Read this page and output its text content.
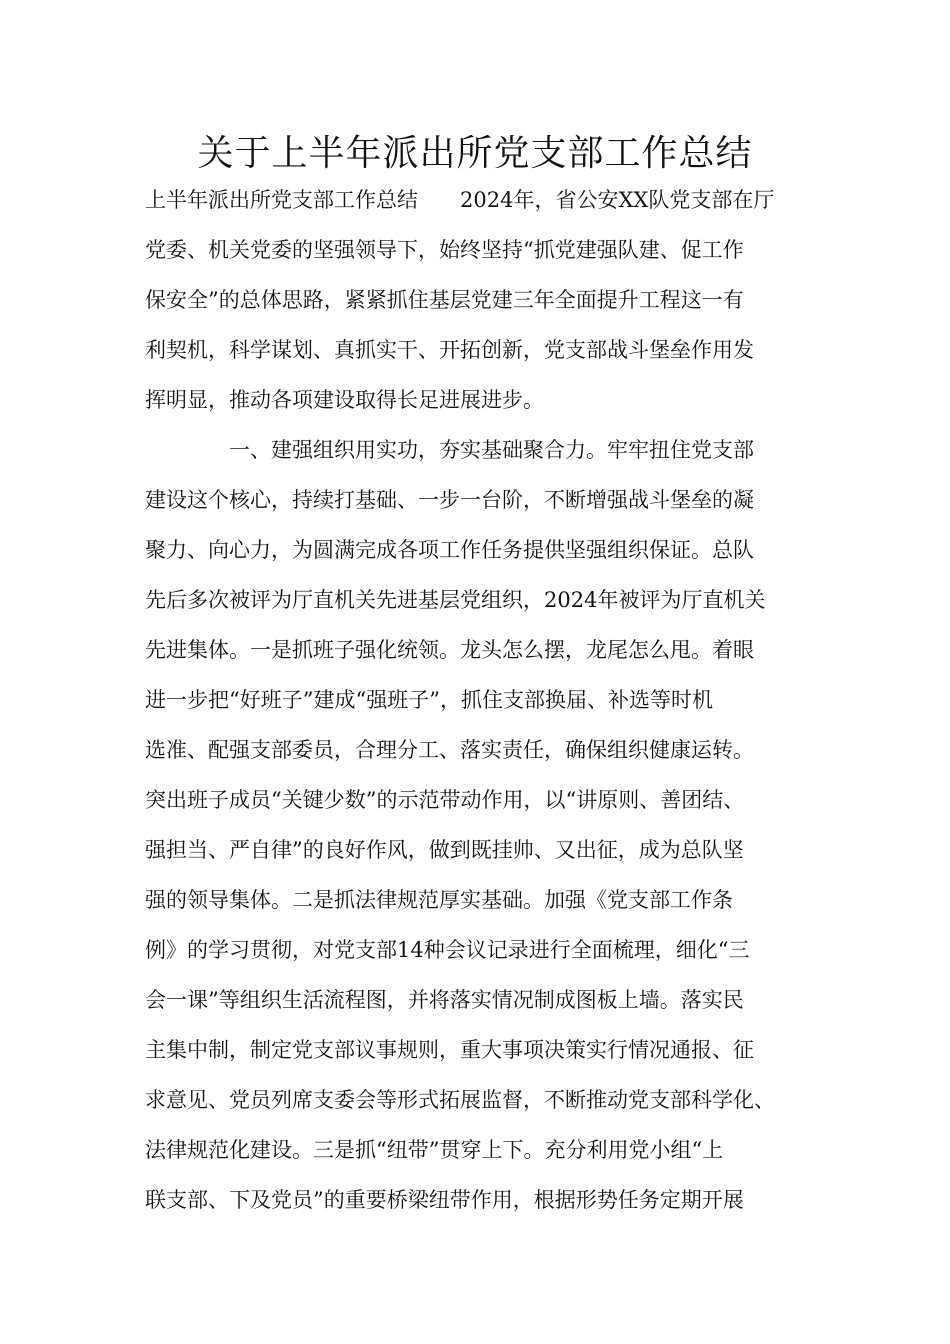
关于上半年派出所党支部工作总结
上半年派出所党支部工作总结　　2024年，省公安XX队党支部在厅
党委、机关党委的坚强领导下，始终坚持“抓党建强队建、促工作
保安全”的总体思路，紧紧抓住基层党建三年全面提升工程这一有
利契机，科学谋划、真抓实干、开拓创新，党支部战斗堡垒作用发
挥明显，推动各项建设取得长足进展进步。
　　　　一、建强组织用实功，夯实基础聚合力。牢牢扭住党支部
建设这个核心，持续打基础、一步一台阶，不断增强战斗堡垒的凝
聚力、向心力，为圆满完成各项工作任务提供坚强组织保证。总队
先后多次被评为厅直机关先进基层党组织，2024年被评为厅直机关
先进集体。一是抓班子强化统领。龙头怎么摆，龙尾怎么甩。着眼
进一步把“好班子”建成“强班子”，抓住支部换届、补选等时机
选准、配强支部委员，合理分工、落实责任，确保组织健康运转。
突出班子成员“关键少数”的示范带动作用，以“讲原则、善团结、
强担当、严自律”的良好作风，做到既挂帅、又出征，成为总队坚
强的领导集体。二是抓法律规范厚实基础。加强《党支部工作条
例》的学习贯彻，对党支部14种会议记录进行全面梳理，细化“三
会一课”等组织生活流程图，并将落实情况制成图板上墙。落实民
主集中制，制定党支部议事规则，重大事项决策实行情况通报、征
求意见、党员列席支委会等形式拓展监督，不断推动党支部科学化、
法律规范化建设。三是抓“纽带”贯穿上下。充分利用党小组“上
联支部、下及党员”的重要桥梁纽带作用，根据形势任务定期开展
